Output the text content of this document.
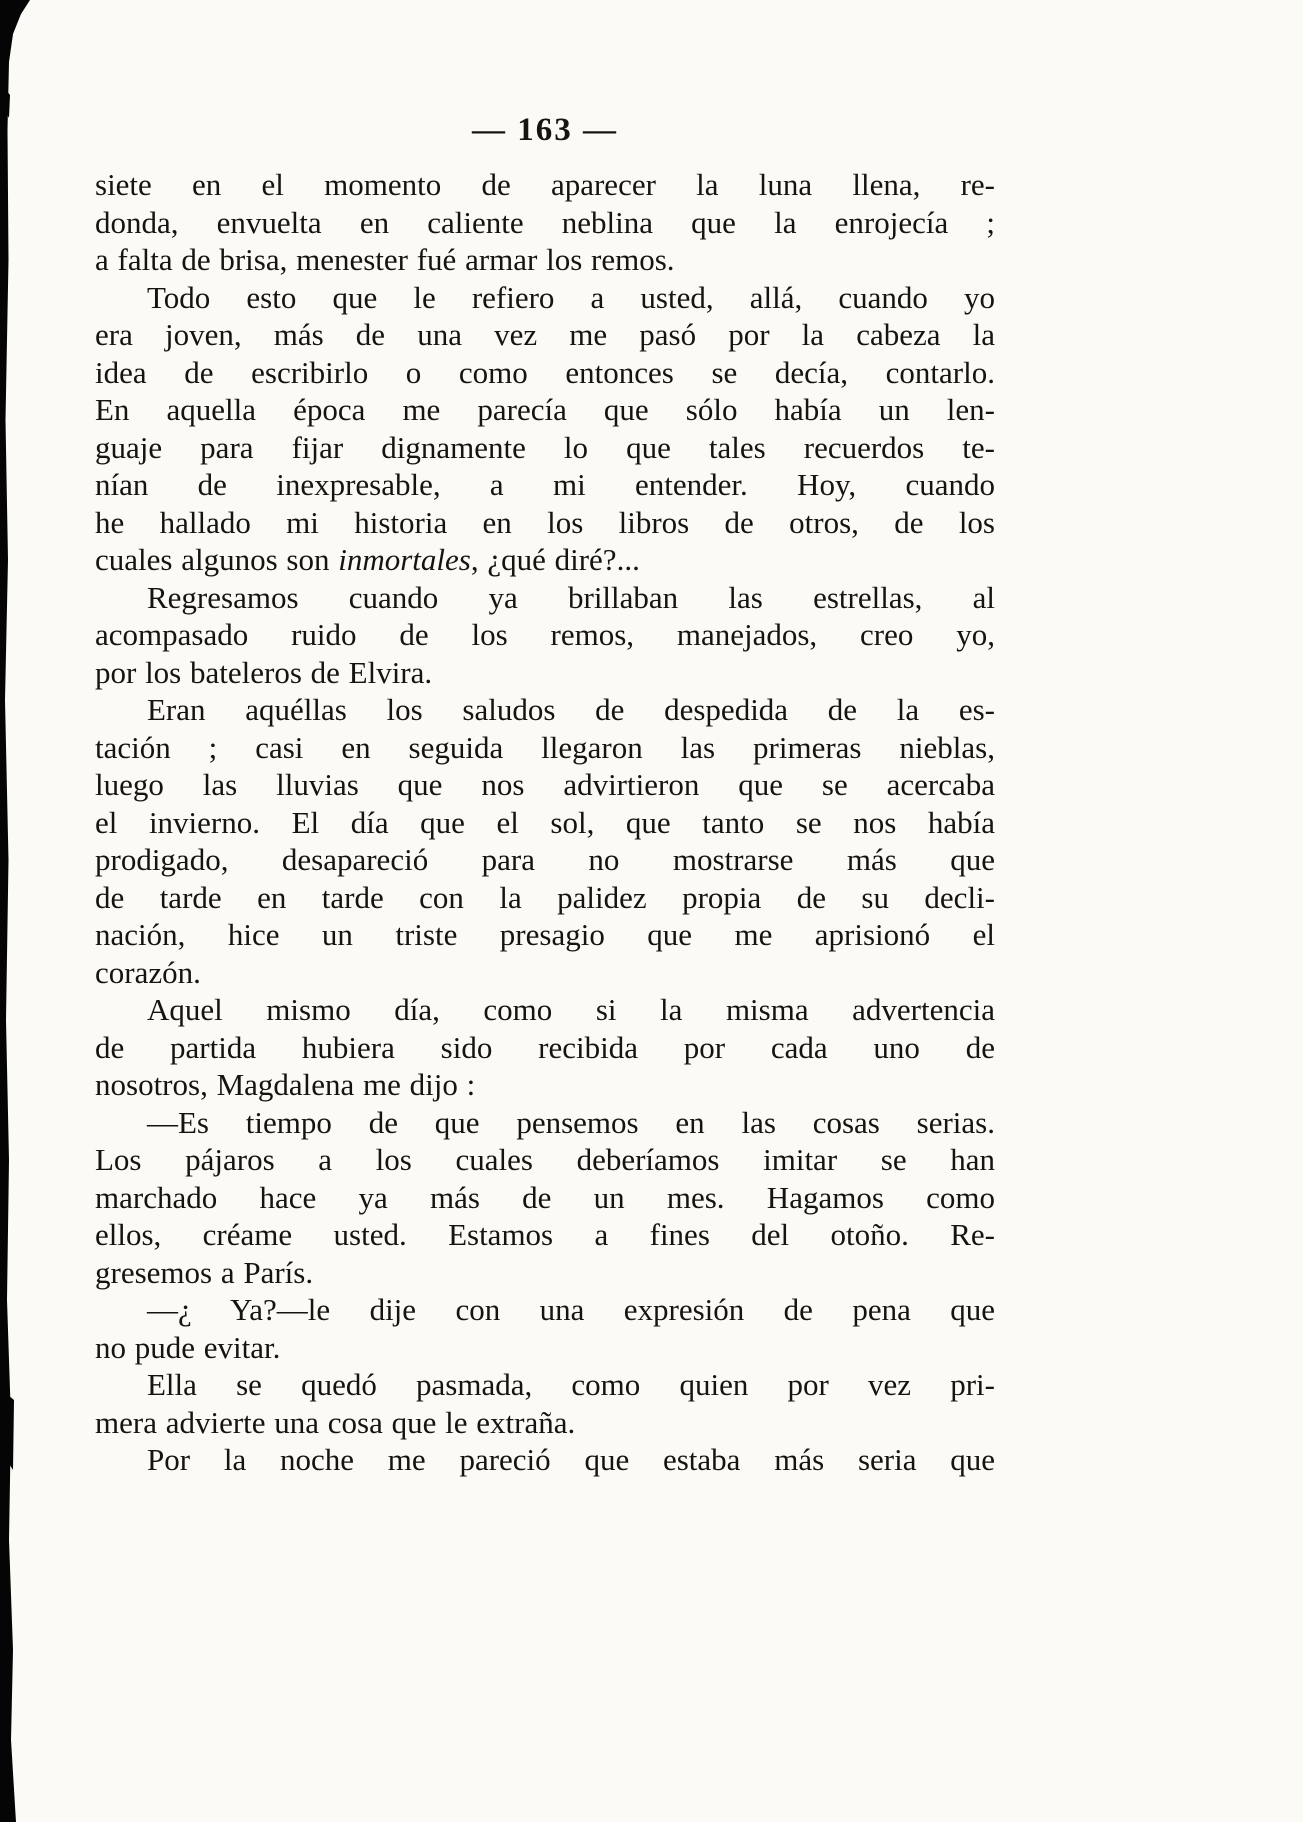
— 163 —
siete en el momento de aparecer la luna llena, re-
donda, envuelta en caliente neblina que la enrojecía ;
a falta de brisa, menester fué armar los remos.
Todo esto que le refiero a usted, allá, cuando yo
era joven, más de una vez me pasó por la cabeza la
idea de escribirlo o como entonces se decía, contarlo.
En aquella época me parecía que sólo había un len-
guaje para fijar dignamente lo que tales recuerdos te-
nían de inexpresable, a mi entender. Hoy, cuando
he hallado mi historia en los libros de otros, de los
cuales algunos son inmortales, ¿qué diré?...
Regresamos cuando ya brillaban las estrellas, al
acompasado ruido de los remos, manejados, creo yo,
por los bateleros de Elvira.
Eran aquéllas los saludos de despedida de la es-
tación ; casi en seguida llegaron las primeras nieblas,
luego las lluvias que nos advirtieron que se acercaba
el invierno. El día que el sol, que tanto se nos había
prodigado, desapareció para no mostrarse más que
de tarde en tarde con la palidez propia de su decli-
nación, hice un triste presagio que me aprisionó el
corazón.
Aquel mismo día, como si la misma advertencia
de partida hubiera sido recibida por cada uno de
nosotros, Magdalena me dijo :
—Es tiempo de que pensemos en las cosas serias.
Los pájaros a los cuales deberíamos imitar se han
marchado hace ya más de un mes. Hagamos como
ellos, créame usted. Estamos a fines del otoño. Re-
gresemos a París.
—¿ Ya?—le dije con una expresión de pena que
no pude evitar.
Ella se quedó pasmada, como quien por vez pri-
mera advierte una cosa que le extraña.
Por la noche me pareció que estaba más seria que
